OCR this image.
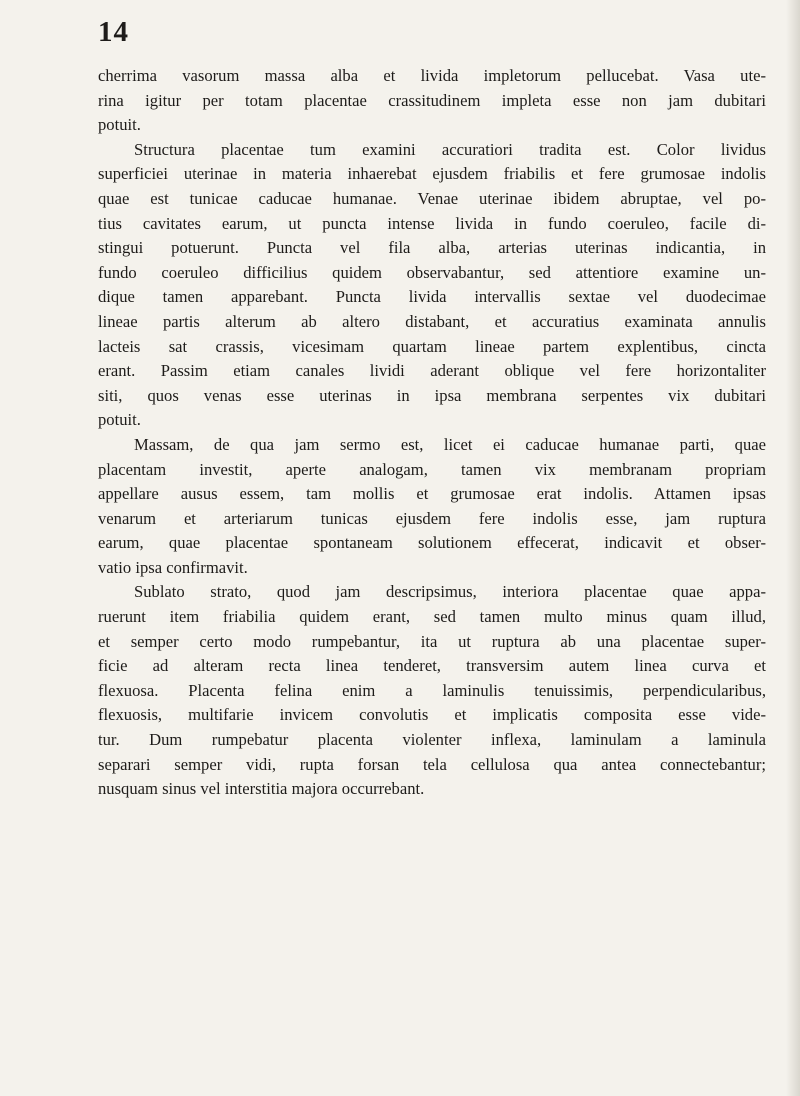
14
cherrima vasorum massa alba et livida impletorum pellucebat. Vasa ute-
rina igitur per totam placentae crassitudinem impleta esse non jam dubitari
potuit.
Structura placentae tum examini accuratiori tradita est. Color lividus
superficiei uterinae in materia inhaerebat ejusdem friabilis et fere grumosae indolis
quae est tunicae caducae humanae. Venae uterinae ibidem abruptae, vel po-
tius cavitates earum, ut puncta intense livida in fundo coeruleo, facile di-
stingui potuerunt. Puncta vel fila alba, arterias uterinas indicantia, in
fundo coeruleo difficilius quidem observabantur, sed attentiore examine un-
dique tamen apparebant. Puncta livida intervallis sextae vel duodecimae
lineae partis alterum ab altero distabant, et accuratius examinata annulis
lacteis sat crassis, vicesimam quartam lineae partem explentibus, cincta
erant. Passim etiam canales lividi aderant oblique vel fere horizontaliter
siti, quos venas esse uterinas in ipsa membrana serpentes vix dubitari
potuit.
Massam, de qua jam sermo est, licet ei caducae humanae parti, quae
placentam investit, aperte analogam, tamen vix membranam propriam
appellare ausus essem, tam mollis et grumosae erat indolis. Attamen ipsas
venarum et arteriarum tunicas ejusdem fere indolis esse, jam ruptura
earum, quae placentae spontaneam solutionem effecerat, indicavit et obser-
vatio ipsa confirmavit.
Sublato strato, quod jam descripsimus, interiora placentae quae appa-
ruerunt item friabilia quidem erant, sed tamen multo minus quam illud,
et semper certo modo rumpebantur, ita ut ruptura ab una placentae super-
ficie ad alteram recta linea tenderet, transversim autem linea curva et
flexuosa. Placenta felina enim a laminulis tenuissimis, perpendicularibus,
flexuosis, multifarie invicem convolutis et implicatis composita esse vide-
tur. Dum rumpebatur placenta violenter inflexa, laminulam a laminula
separari semper vidi, rupta forsan tela cellulosa qua antea connectebantur;
nusquam sinus vel interstitia majora occurrebant.
